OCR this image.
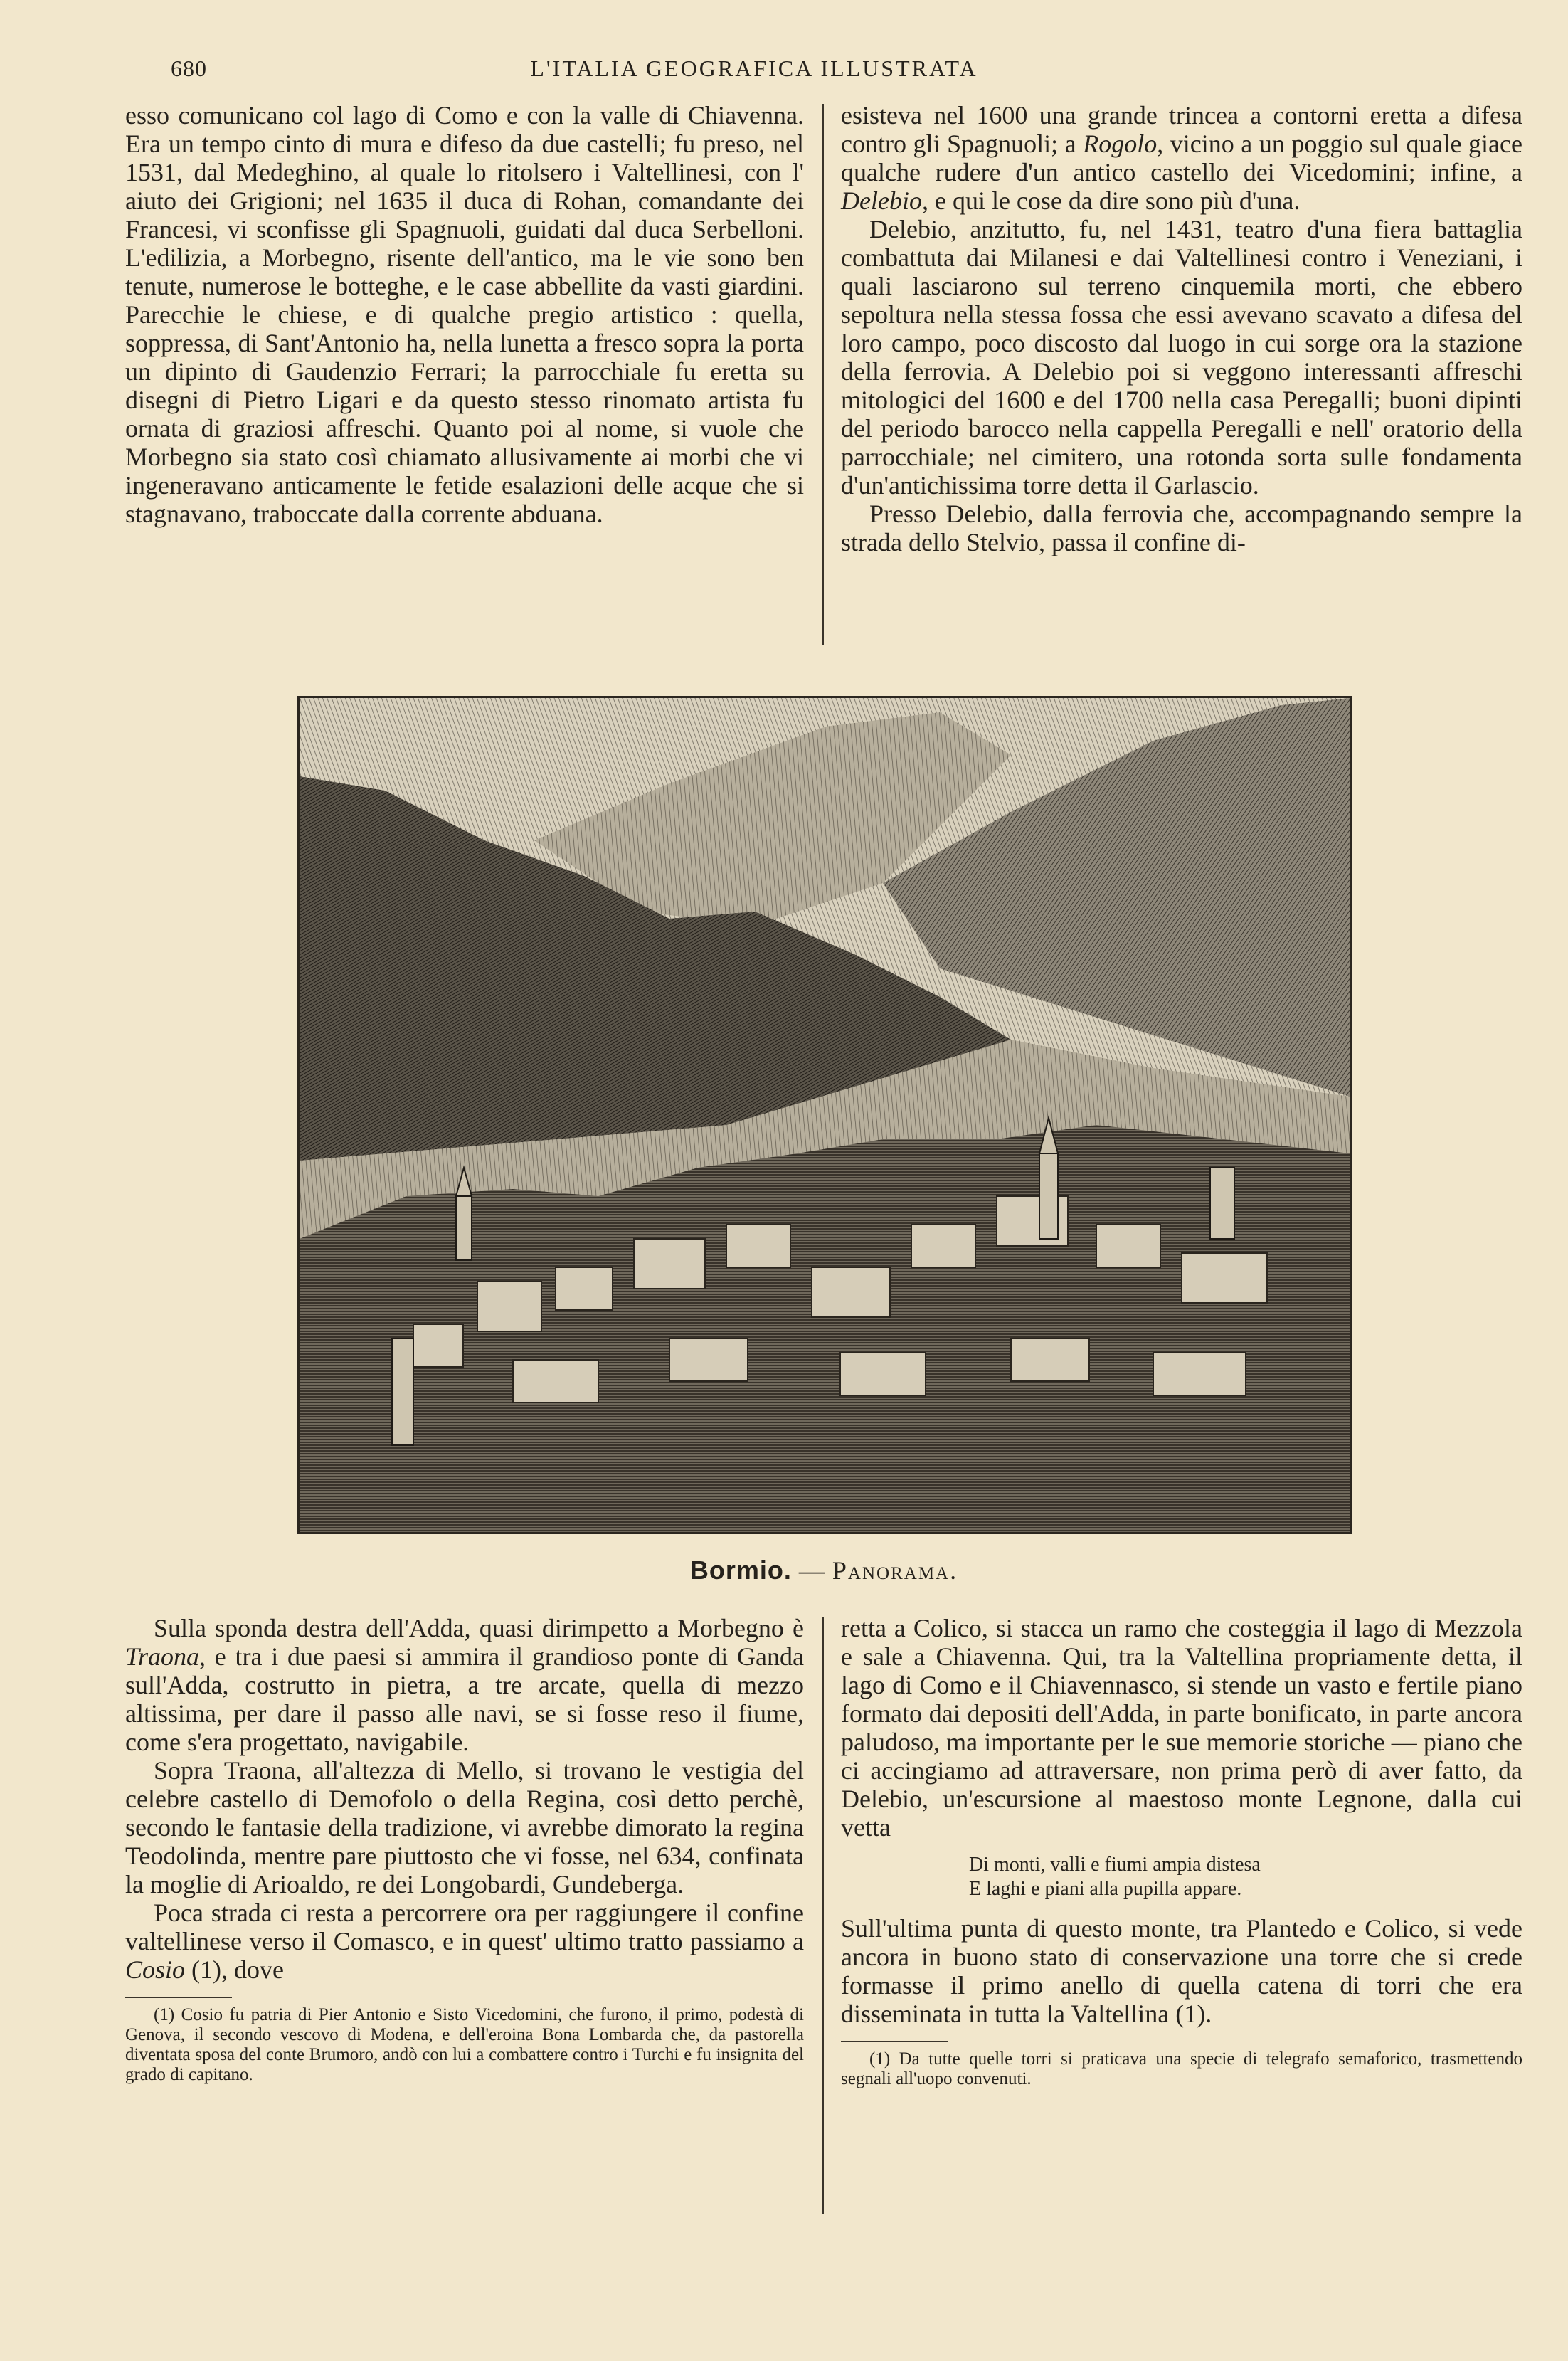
680	L'ITALIA GEOGRAFICA ILLUSTRATA

esso comunicano col lago di Como e con la valle di Chiavenna. Era un tempo cinto di mura e difeso da due castelli; fu preso, nel 1531, dal Medeghino, al quale lo ritolsero i Valtellinesi, con l' aiuto dei Grigioni; nel 1635 il duca di Rohan, comandante dei Francesi, vi sconfisse gli Spagnuoli, guidati dal duca Serbelloni. L'edilizia, a Morbegno, risente dell'antico, ma le vie sono ben tenute, numerose le botteghe, e le case abbellite da vasti giardini. Parecchie le chiese, e di qualche pregio artistico : quella, soppressa, di Sant'Antonio ha, nella lunetta a fresco sopra la porta un dipinto di Gaudenzio Ferrari; la parrocchiale fu eretta su disegni di Pietro Ligari e da questo stesso rinomato artista fu ornata di graziosi affreschi. Quanto poi al nome, si vuole che Morbegno sia stato così chiamato allusivamente ai morbi che vi ingeneravano anticamente le fetide esalazioni delle acque che si stagnavano, traboccate dalla corrente abduana.

esisteva nel 1600 una grande trincea a contorni eretta a difesa contro gli Spagnuoli; a Rogolo, vicino a un poggio sul quale giace qualche rudere d'un antico castello dei Vicedomini; infine, a Delebio, e qui le cose da dire sono più d'una.

Delebio, anzitutto, fu, nel 1431, teatro d'una fiera battaglia combattuta dai Milanesi e dai Valtellinesi contro i Veneziani, i quali lasciarono sul terreno cinquemila morti, che ebbero sepoltura nella stessa fossa che essi avevano scavato a difesa del loro campo, poco discosto dal luogo in cui sorge ora la stazione della ferrovia. A Delebio poi si veggono interessanti affreschi mitologici del 1600 e del 1700 nella casa Peregalli; buoni dipinti del periodo barocco nella cappella Peregalli e nell' oratorio della parrocchiale; nel cimitero, una rotonda sorta sulle fondamenta d'un'antichissima torre detta il Garlascio.

Presso Delebio, dalla ferrovia che, accompagnando sempre la strada dello Stelvio, passa il confine di-

Bormio. — Panorama.

Sulla sponda destra dell'Adda, quasi dirimpetto a Morbegno è Traona, e tra i due paesi si ammira il grandioso ponte di Ganda sull'Adda, costrutto in pietra, a tre arcate, quella di mezzo altissima, per dare il passo alle navi, se si fosse reso il fiume, come s'era progettato, navigabile.

Sopra Traona, all'altezza di Mello, si trovano le vestigia del celebre castello di Demofolo o della Regina, così detto perchè, secondo le fantasie della tradizione, vi avrebbe dimorato la regina Teodolinda, mentre pare piuttosto che vi fosse, nel 634, confinata la moglie di Arioaldo, re dei Longobardi, Gundeberga.

Poca strada ci resta a percorrere ora per raggiungere il confine valtellinese verso il Comasco, e in quest' ultimo tratto passiamo a Cosio (1), dove

(1) Cosio fu patria di Pier Antonio e Sisto Vicedomini, che furono, il primo, podestà di Genova, il secondo vescovo di Modena, e dell'eroina Bona Lombarda che, da pastorella diventata sposa del conte Brumoro, andò con lui a combattere contro i Turchi e fu insignita del grado di capitano.

retta a Colico, si stacca un ramo che costeggia il lago di Mezzola e sale a Chiavenna. Qui, tra la Valtellina propriamente detta, il lago di Como e il Chiavennasco, si stende un vasto e fertile piano formato dai depositi dell'Adda, in parte bonificato, in parte ancora paludoso, ma importante per le sue memorie storiche — piano che ci accingiamo ad attraversare, non prima però di aver fatto, da Delebio, un'escursione al maestoso monte Legnone, dalla cui vetta

Di monti, valli e fiumi ampia distesa
E laghi e piani alla pupilla appare.

Sull'ultima punta di questo monte, tra Plantedo e Colico, si vede ancora in buono stato di conservazione una torre che si crede formasse il primo anello di quella catena di torri che era disseminata in tutta la Valtellina (1).

(1) Da tutte quelle torri si praticava una specie di telegrafo semaforico, trasmettendo segnali all'uopo convenuti.
